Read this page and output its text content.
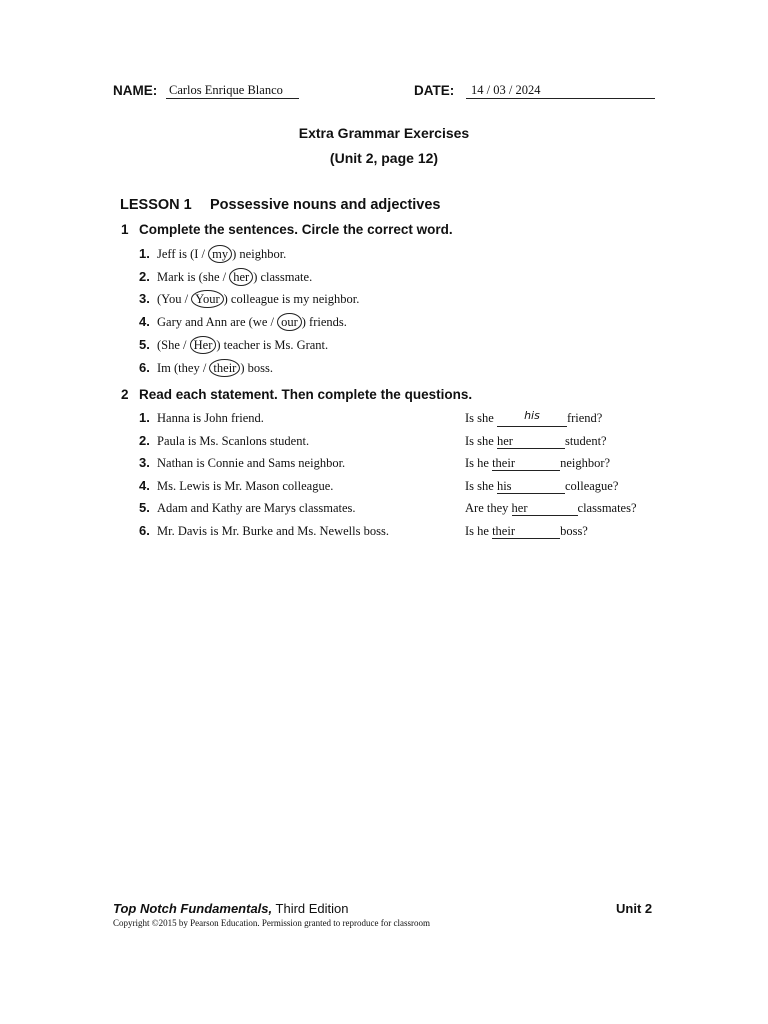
NAME: Carlos Enrique Blanco	DATE:	14 / 03 / 2024
Extra Grammar Exercises
(Unit 2, page 12)
LESSON 1 Possessive nouns and adjectives
1 Complete the sentences. Circle the correct word.
1. Jeff is (I / my ) neighbor.
2. Mark is (she / her ) classmate.
3. (You / Your ) colleague is my neighbor.
4. Gary and Ann are (we / our ) friends.
5. (She / Her ) teacher is Ms. Grant.
6. Im (they / their ) boss.
2 Read each statement. Then complete the questions.
1. Hanna is John friend.	Is she	his friend?
2. Paula is Ms. Scanlons student.	Is she her	student?
3. Nathan is Connie and Sams neighbor.	Is he their	neighbor?
4. Ms. Lewis is Mr. Mason colleague.	Is she his	colleague?
5. Adam and Kathy are Marys classmates.	Are they her	classmates?
6. Mr. Davis is Mr. Burke and Ms. Newells boss.	Is he their	boss?
Top Notch Fundamentals, Third Edition	Unit 2
Copyright ©2015 by Pearson Education. Permission granted to reproduce for classroom
